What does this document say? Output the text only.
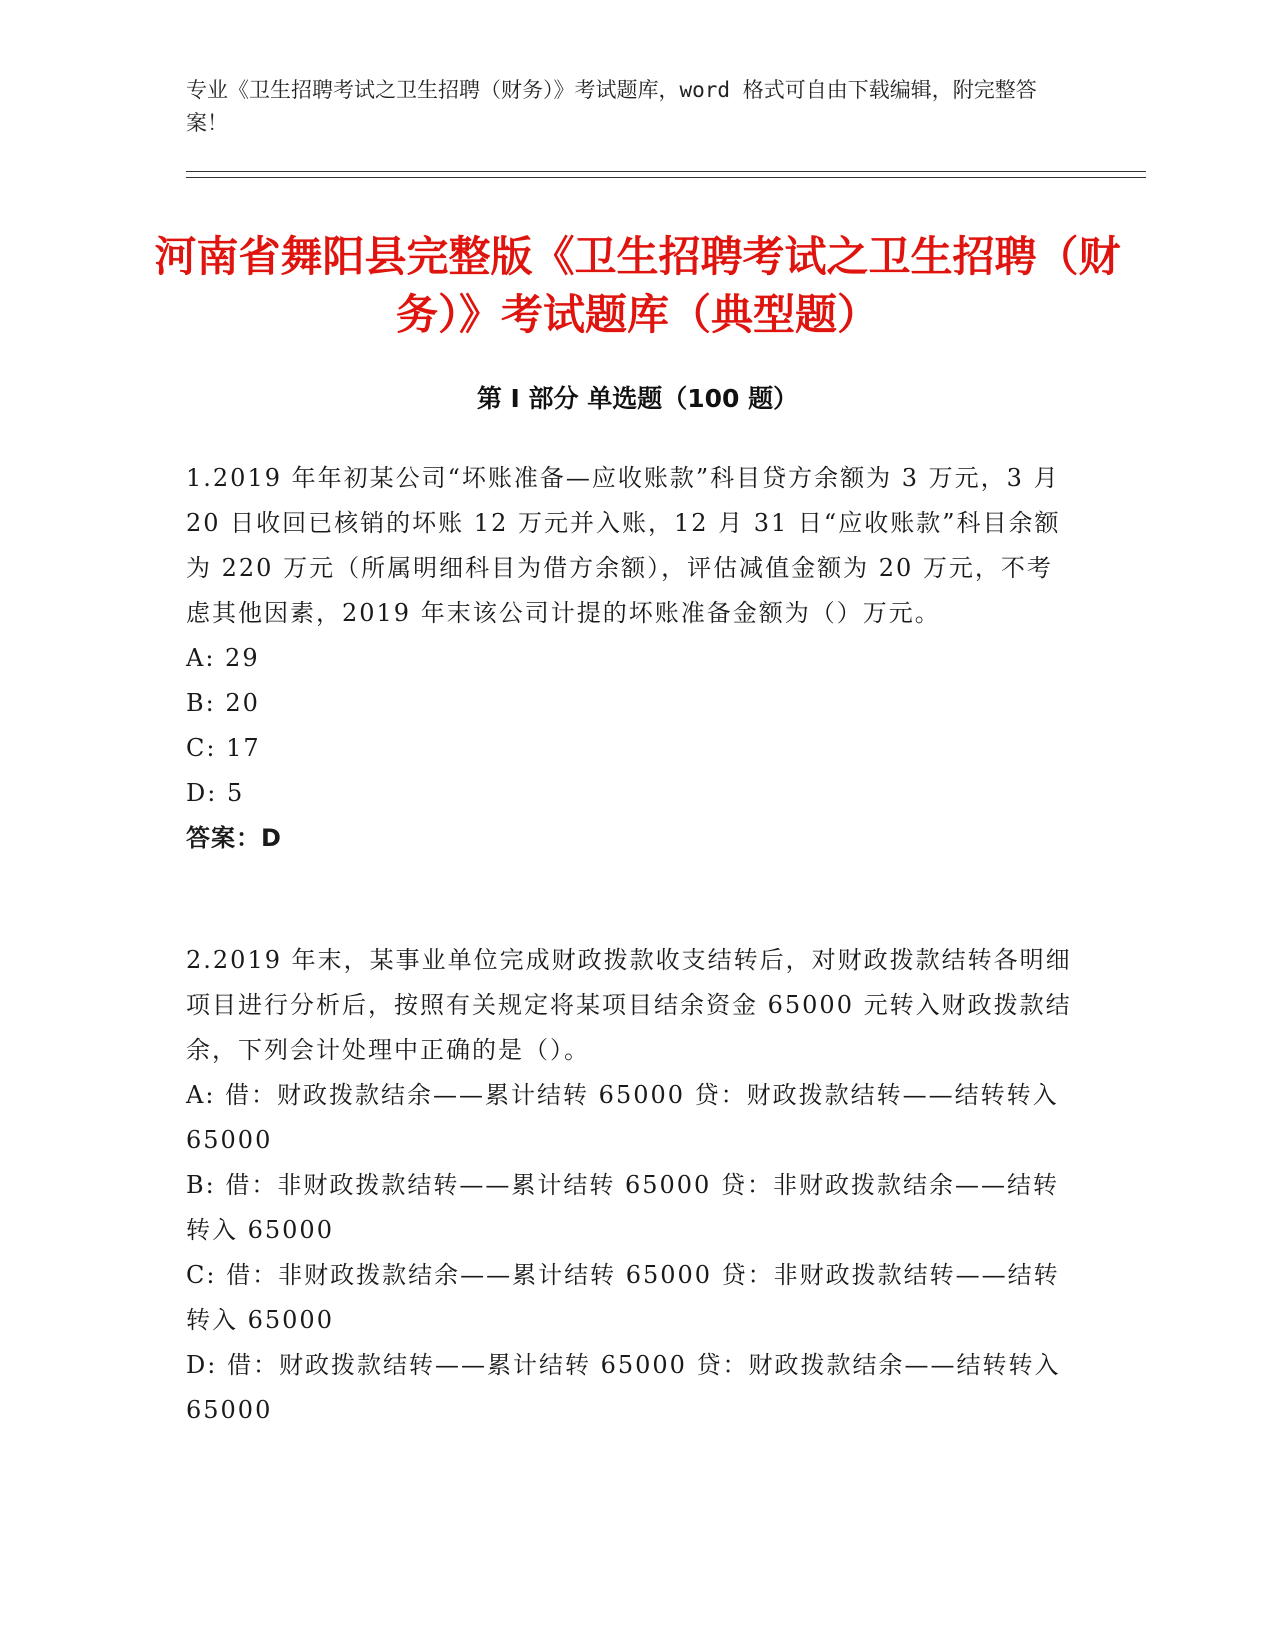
专业《卫生招聘考试之卫生招聘（财务）》考试题库，word 格式可自由下载编辑，附完整答案！
河南省舞阳县完整版《卫生招聘考试之卫生招聘（财务）》考试题库（典型题）
第 I 部分 单选题（100 题）
1.2019 年年初某公司“坏账准备—应收账款”科目贷方余额为 3 万元，3 月 20 日收回已核销的坏账 12 万元并入账，12 月 31 日“应收账款”科目余额为 220 万元（所属明细科目为借方余额），评估减值金额为 20 万元，不考虑其他因素，2019 年末该公司计提的坏账准备金额为（）万元。
A: 29
B: 20
C: 17
D: 5
答案：D
2.2019 年末，某事业单位完成财政拨款收支结转后，对财政拨款结转各明细项目进行分析后，按照有关规定将某项目结余资金 65000 元转入财政拨款结余，下列会计处理中正确的是（）。
A: 借：财政拨款结余——累计结转 65000 贷：财政拨款结转——结转转入 65000
B: 借：非财政拨款结转——累计结转 65000 贷：非财政拨款结余——结转转入 65000
C: 借：非财政拨款结余——累计结转 65000 贷：非财政拨款结转——结转转入 65000
D: 借：财政拨款结转——累计结转 65000 贷：财政拨款结余——结转转入 65000
